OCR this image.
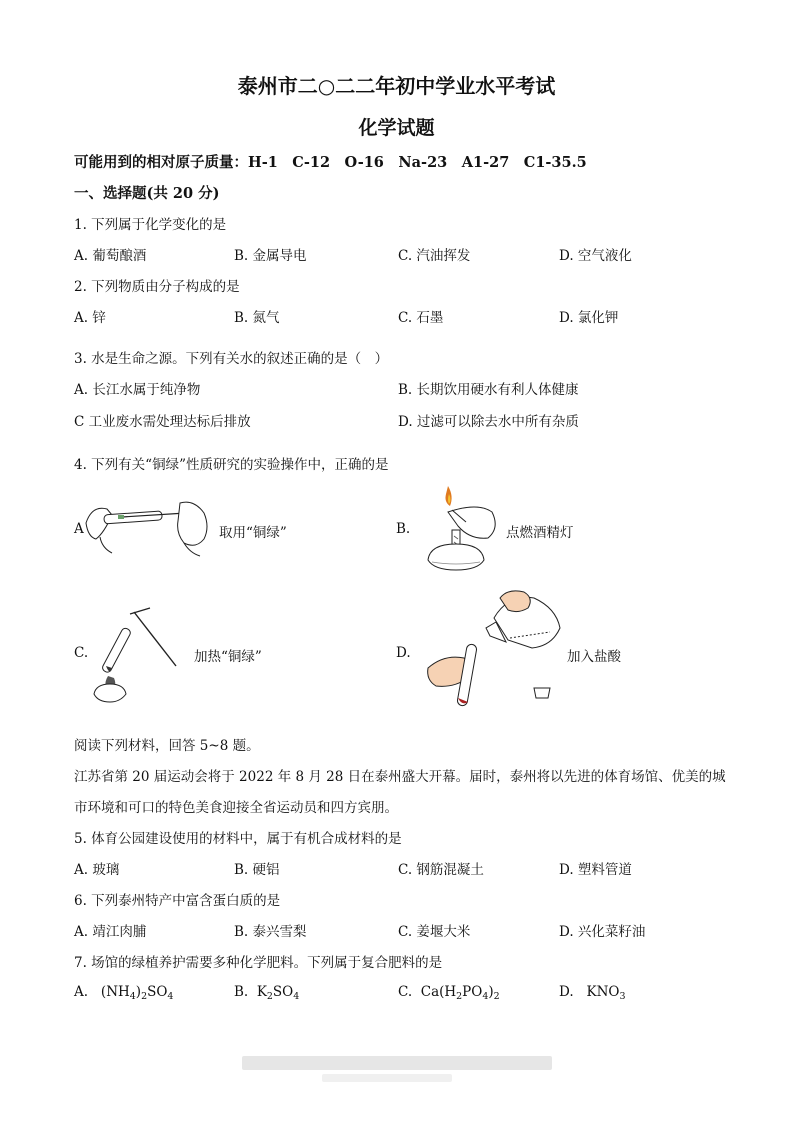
泰州市二○二二年初中学业水平考试
化学试题
可能用到的相对原子质量：H-1　C-12　O-16　Na-23　A1-27　C1-35.5
一、选择题(共 20 分)
1. 下列属于化学变化的是
A. 葡萄酿酒	B. 金属导电	C. 汽油挥发	D. 空气液化
2. 下列物质由分子构成的是
A. 锌	B. 氮气	C. 石墨	D. 氯化钾
3. 水是生命之源。下列有关水的叙述正确的是（　）
A. 长江水属于纯净物	B. 长期饮用硬水有利人体健康
C 工业废水需处理达标后排放	D. 过滤可以除去水中所有杂质
4. 下列有关“铜绿”性质研究的实验操作中，正确的是
A	取用“铜绿”	B.	点燃酒精灯
C.	加热“铜绿”	D.	加入盐酸
阅读下列材料，回答 5~8 题。
江苏省第 20 届运动会将于 2022 年 8 月 28 日在泰州盛大开幕。届时，泰州将以先进的体育场馆、优美的城
市环境和可口的特色美食迎接全省运动员和四方宾朋。
5. 体育公园建设使用的材料中，属于有机合成材料的是
A. 玻璃	B. 硬铝	C. 钢筋混凝土	D. 塑料管道
6. 下列泰州特产中富含蛋白质的是
A. 靖江肉脯	B. 泰兴雪梨	C. 姜堰大米	D. 兴化菜籽油
7. 场馆的绿植养护需要多种化学肥料。下列属于复合肥料的是
A. $(NH_4)_2SO_4$	B. $K_2SO_4$	C. $Ca(H_2PO_4)_2$	D. $KNO_3$
